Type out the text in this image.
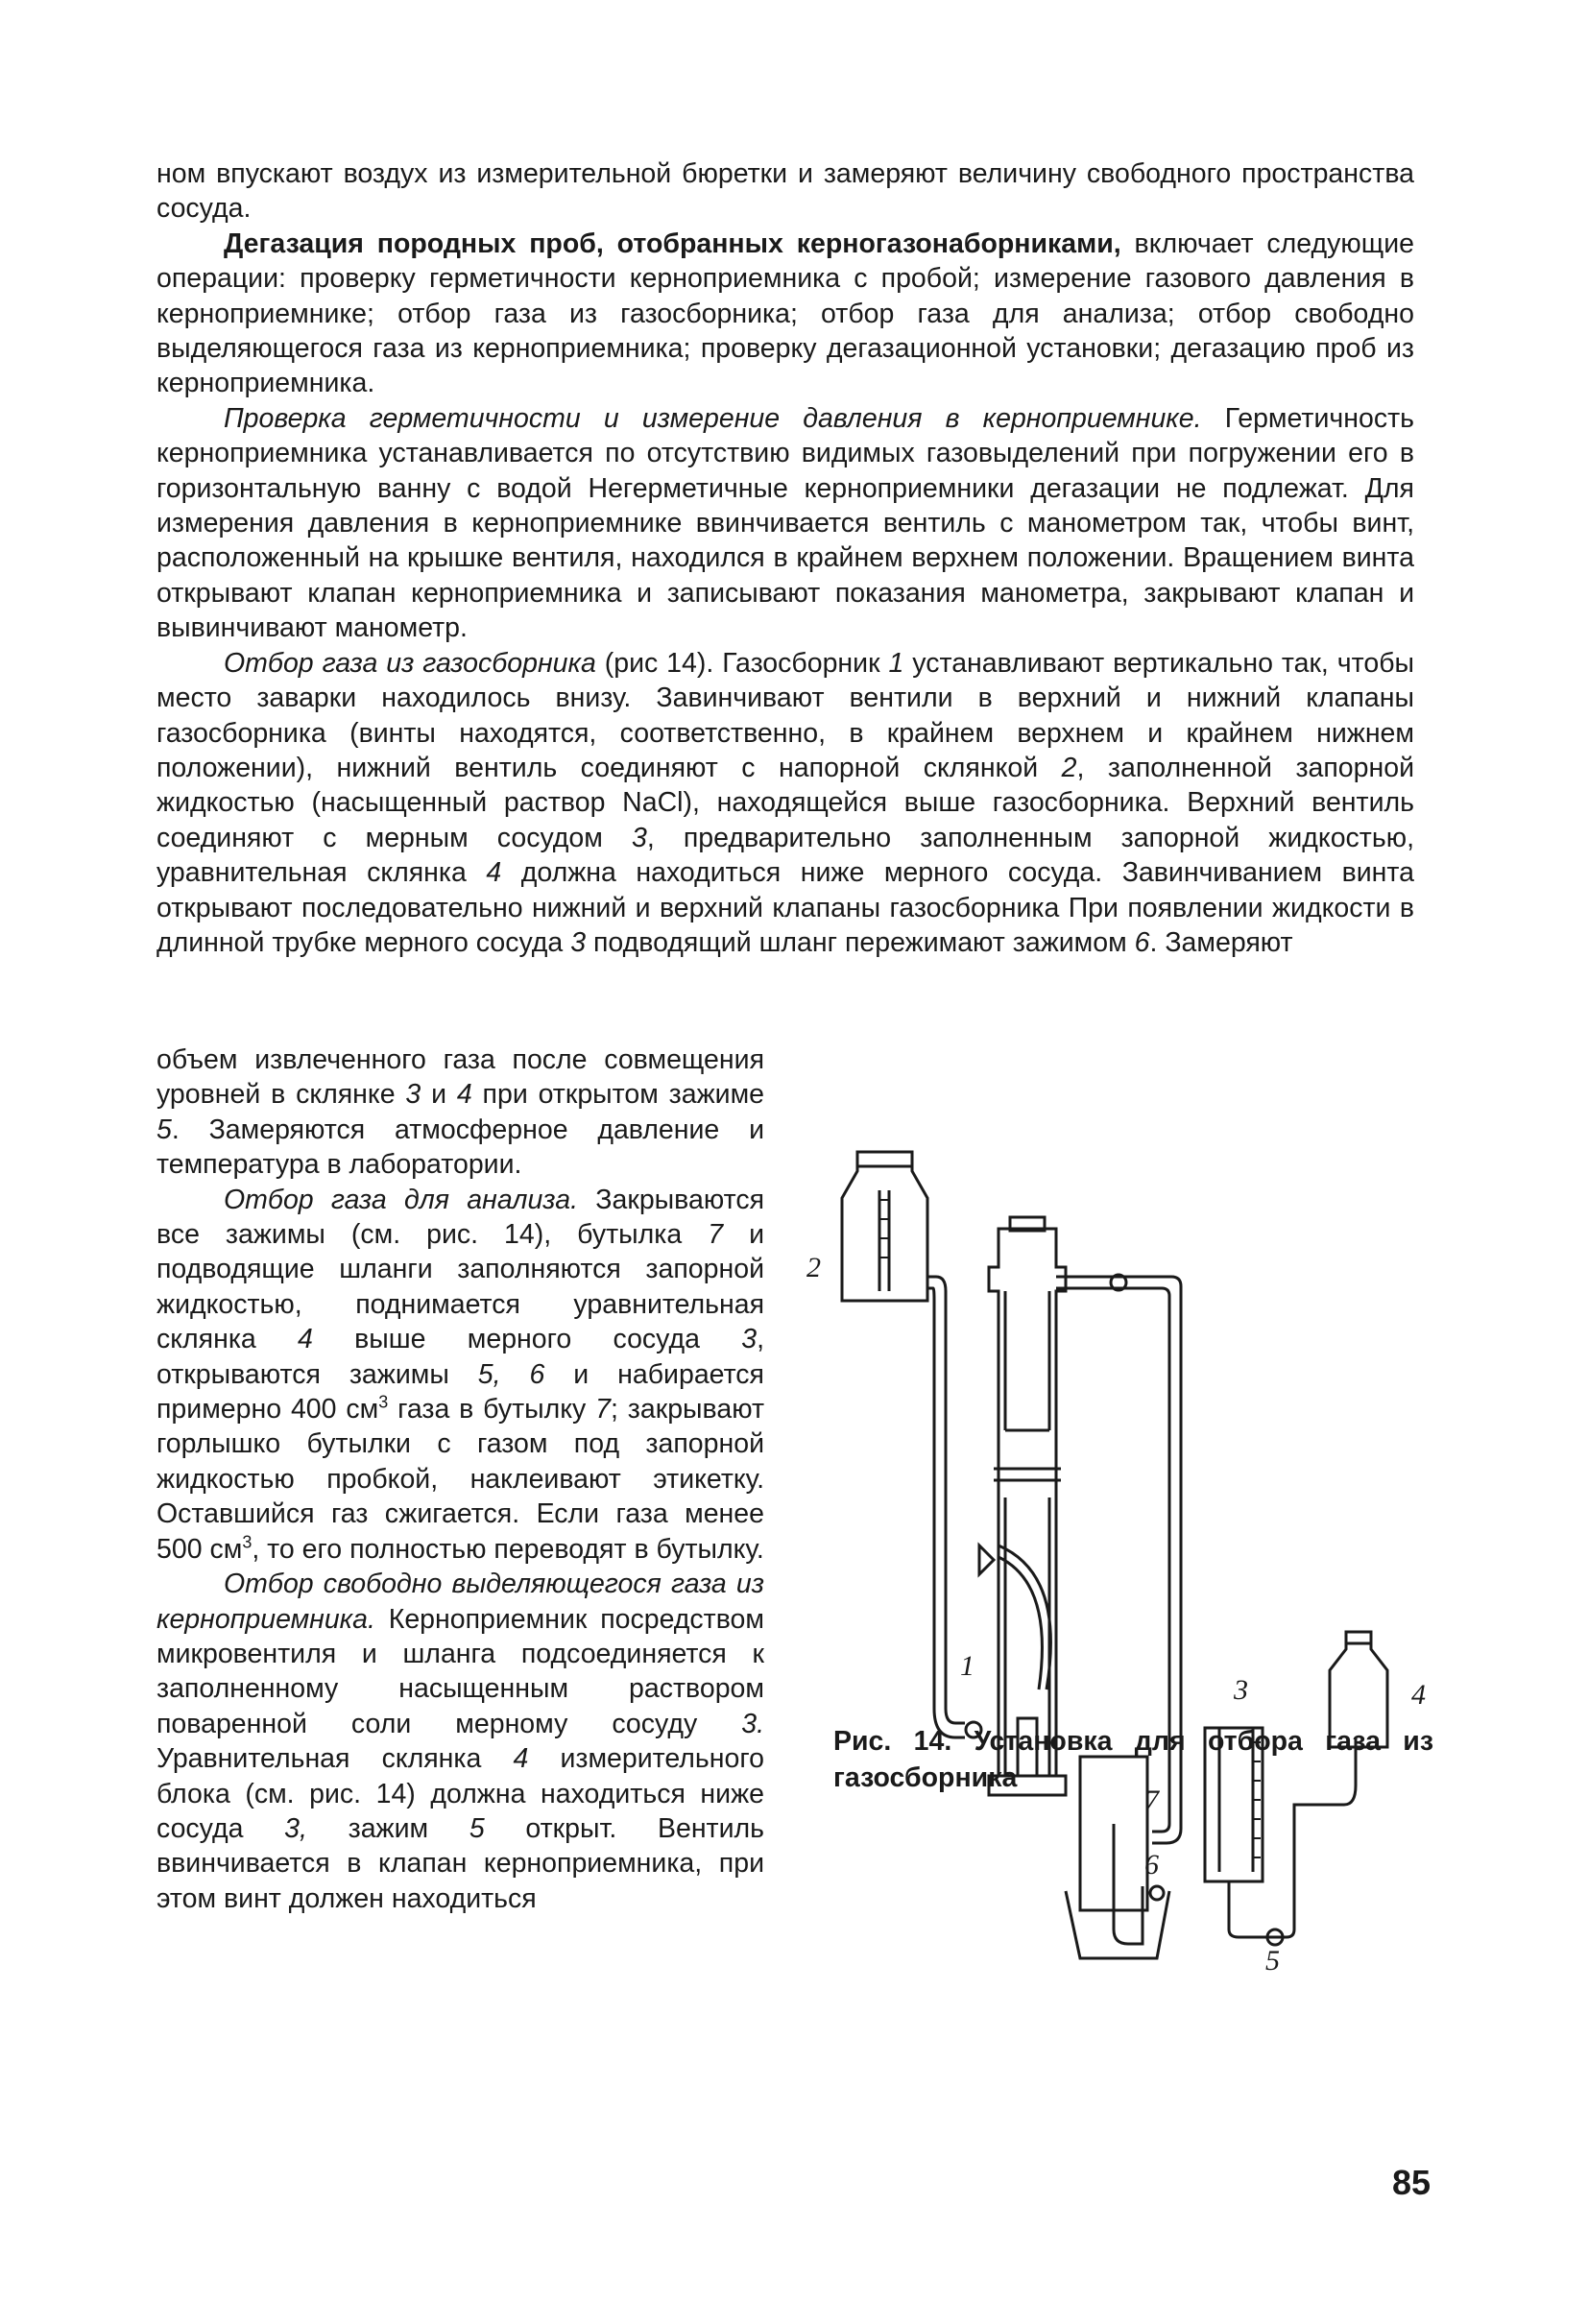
ном впускают воздух из измерительной бюретки и замеряют величину свободного пространства сосуда.

Дегазация породных проб, отобранных керногазонаборниками, включает следующие операции: проверку герметичности керноприемника с пробой; измерение газового давления в керноприемнике; отбор газа из газосборника; отбор газа для анализа; отбор свободно выделяющегося газа из керноприемника; проверку дегазационной установки; дегазацию проб из керноприемника.

Проверка герметичности и измерение давления в керноприемнике. Герметичность керноприемника устанавливается по отсутствию видимых газовыделений при погружении его в горизонтальную ванну с водой Негерметичные керноприемники дегазации не подлежат. Для измерения давления в керноприемнике ввинчивается вентиль с манометром так, чтобы винт, расположенный на крышке вентиля, находился в крайнем верхнем положении. Вращением винта открывают клапан керноприемника и записывают показания манометра, закрывают клапан и вывинчивают манометр.

Отбор газа из газосборника (рис 14). Газосборник 1 устанавливают вертикально так, чтобы место заварки находилось внизу. Завинчивают вентили в верхний и нижний клапаны газосборника (винты находятся, соответственно, в крайнем верхнем и крайнем нижнем положении), нижний вентиль соединяют с напорной склянкой 2, заполненной запорной жидкостью (насыщенный раствор NaCl), находящейся выше газосборника. Верхний вентиль соединяют с мерным сосудом 3, предварительно заполненным запорной жидкостью, уравнительная склянка 4 должна находиться ниже мерного сосуда. Завинчиванием винта открывают последовательно нижний и верхний клапаны газосборника При появлении жидкости в длинной трубке мерного сосуда 3 подводящий шланг пережимают зажимом 6. Замеряют

объем извлеченного газа после совмещения уровней в склянке 3 и 4 при открытом зажиме 5. Замеряются атмосферное давление и температура в лаборатории.

Отбор газа для анализа. Закрываются все зажимы (см. рис. 14), бутылка 7 и подводящие шланги заполняются запорной жидкостью, поднимается уравнительная склянка 4 выше мерного сосуда 3, открываются зажимы 5, 6 и набирается примерно 400 $см^3$ газа в бутылку 7; закрывают горлышко бутылки с газом под запорной жидкостью пробкой, наклеивают этикетку. Оставшийся газ сжигается. Если газа менее 500 $см^3$, то его полностью переводят в бутылку.

Отбор свободно выделяющегося газа из керноприемника. Керноприемник посредством микровентиля и шланга подсоединяется к заполненному насыщенным раствором поваренной соли мерному сосуду 3. Уравнительная склянка 4 измерительного блока (см. рис. 14) должна находиться ниже сосуда 3, зажим 5 открыт. Вентиль ввинчивается в клапан керноприемника, при этом винт должен находиться

2
1
3	4
5
6
7
Рис. 14. Установка для отбора газа из газосборника
85
